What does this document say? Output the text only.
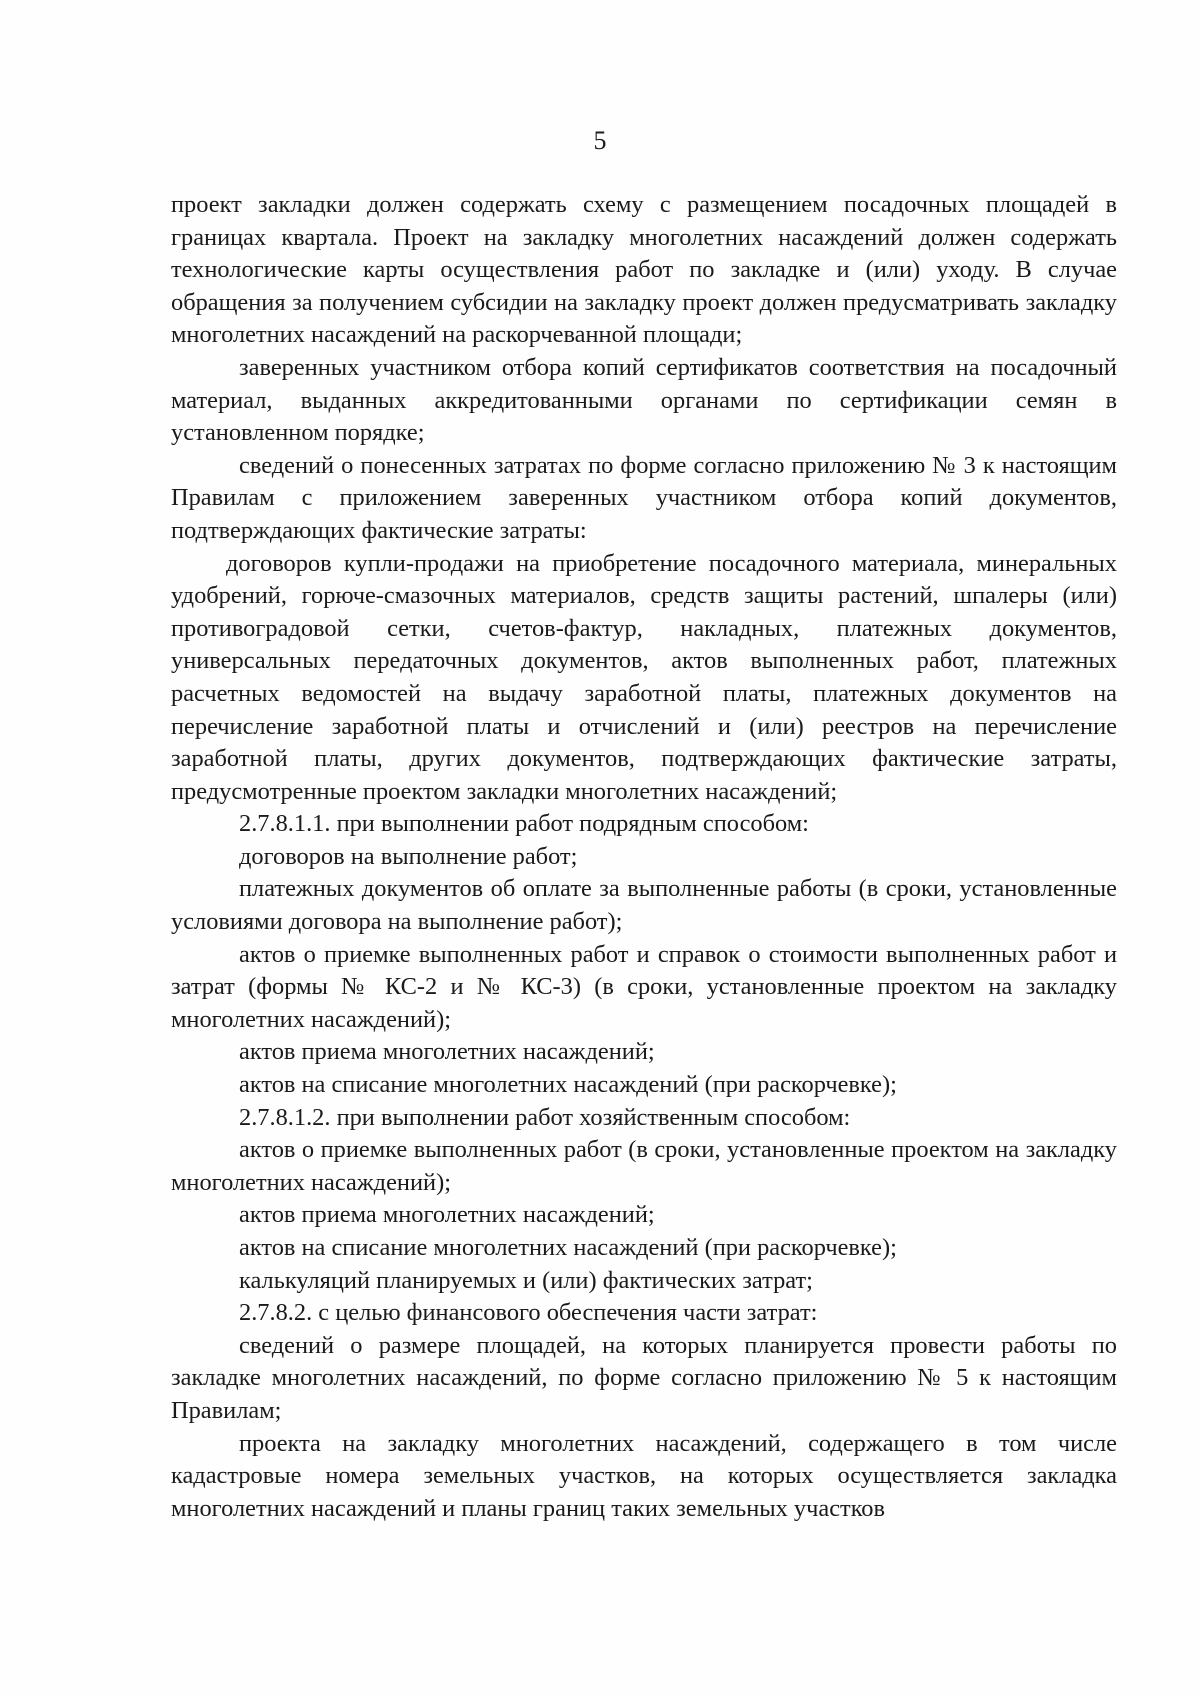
5

проект закладки должен содержать схему с размещением посадочных площадей в границах квартала. Проект на закладку многолетних насаждений должен содержать технологические карты осуществления работ по закладке и (или) уходу. В случае обращения за получением субсидии на закладку проект должен предусматривать закладку многолетних насаждений на раскорчеванной площади;

заверенных участником отбора копий сертификатов соответствия на посадочный материал, выданных аккредитованными органами по сертификации семян в установленном порядке;

сведений о понесенных затратах по форме согласно приложению № 3 к настоящим Правилам с приложением заверенных участником отбора копий документов, подтверждающих фактические затраты:

договоров купли-продажи на приобретение посадочного материала, минеральных удобрений, горюче-смазочных материалов, средств защиты растений, шпалеры (или) противоградовой сетки, счетов-фактур, накладных, платежных документов, универсальных передаточных документов, актов выполненных работ, платежных расчетных ведомостей на выдачу заработной платы, платежных документов на перечисление заработной платы и отчислений и (или) реестров на перечисление заработной платы, других документов, подтверждающих фактические затраты, предусмотренные проектом закладки многолетних насаждений;

2.7.8.1.1. при выполнении работ подрядным способом:

договоров на выполнение работ;

платежных документов об оплате за выполненные работы (в сроки, установленные условиями договора на выполнение работ);

актов о приемке выполненных работ и справок о стоимости выполненных работ и затрат (формы № КС-2 и № КС-3) (в сроки, установленные проектом на закладку многолетних насаждений);

актов приема многолетних насаждений;

актов на списание многолетних насаждений (при раскорчевке);

2.7.8.1.2. при выполнении работ хозяйственным способом:

актов о приемке выполненных работ (в сроки, установленные проектом на закладку многолетних насаждений);

актов приема многолетних насаждений;

актов на списание многолетних насаждений (при раскорчевке);

калькуляций планируемых и (или) фактических затрат;

2.7.8.2. с целью финансового обеспечения части затрат:

сведений о размере площадей, на которых планируется провести работы по закладке многолетних насаждений, по форме согласно приложению № 5 к настоящим Правилам;

проекта на закладку многолетних насаждений, содержащего в том числе кадастровые номера земельных участков, на которых осуществляется закладка многолетних насаждений и планы границ таких земельных участков
